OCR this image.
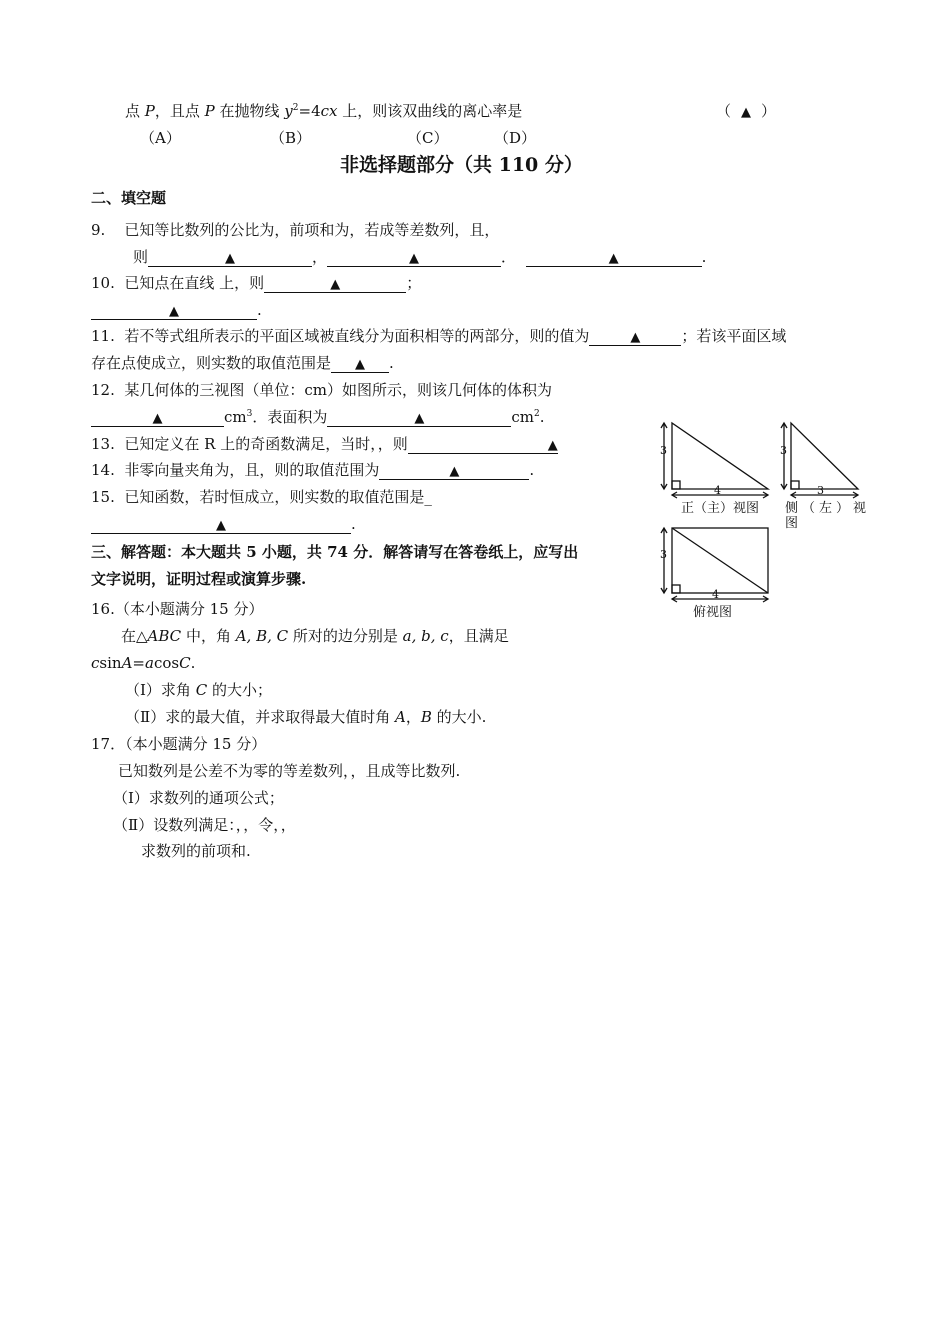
点 P，且点 P 在抛物线 $y^2=4cx$ 上，则该双曲线的离心率是	（ ▲ ）
（A）	（B）	（C）	（D）
非选择题部分（共 110 分）
二、填空题
9. 已知等比数列的公比为，前项和为，若成等差数列，且，
则	▲	，	▲	．	▲	.
10. 已知点在直线 上，则	▲	；
▲	.
11. 若不等式组所表示的平面区域被直线分为面积相等的两部分，则的值为	▲	；若该平面区域
存在点使成立，则实数的取值范围是 ▲ .
12. 某几何体的三视图（单位：cm）如图所示，则该几何体的体积为
▲	$cm^3$．表面积为	▲	$cm^2$.
13. 已知定义在 R 上的奇函数满足，当时，，则	▲
14. 非零向量夹角为，且，则的取值范围为	▲	.
15. 已知函数，若时恒成立，则实数的取值范围是_
▲	.
三、解答题：本大题共 5 小题，共 74 分．解答请写在答卷纸上，应写出
文字说明，证明过程或演算步骤.
16.（本小题满分 15 分）
在△ABC 中，角 A, B, C 所对的边分别是 a, b, c，且满足
csinA=acosC.
（Ⅰ）求角 C 的大小；
（Ⅱ）求的最大值，并求取得最大值时角 A，B 的大小.
17．（本小题满分 15 分）
已知数列是公差不为零的等差数列，，且成等比数列.
（Ⅰ）求数列的通项公式；
（Ⅱ）设数列满足：，，令，，
求数列的前项和.
3
4
3
3
3
4
正（主）视图 侧（左）视
图
俯视图
